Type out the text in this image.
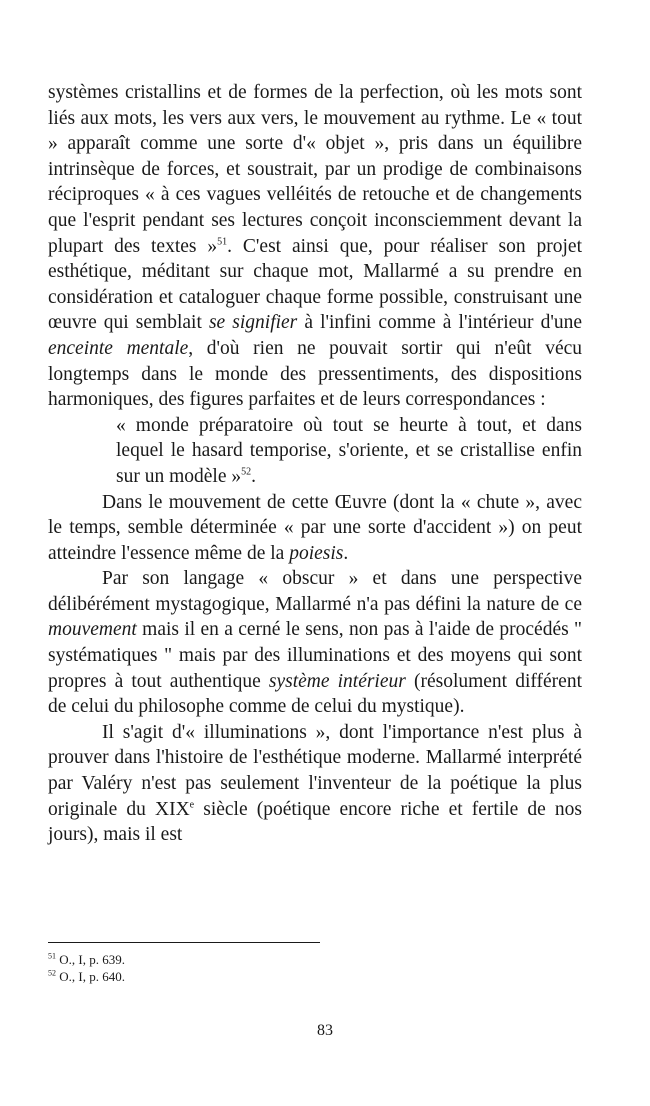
systèmes cristallins et de formes de la perfection, où les mots sont liés aux mots, les vers aux vers, le mouvement au rythme. Le « tout » apparaît comme une sorte d'« objet », pris dans un équilibre intrinsèque de forces, et soustrait, par un prodige de combinaisons réciproques « à ces vagues velléités de retouche et de changements que l'esprit pendant ses lectures conçoit inconsciemment devant la plupart des textes »$^{51}$. C'est ainsi que, pour réaliser son projet esthétique, méditant sur chaque mot, Mallarmé a su prendre en considération et cataloguer chaque forme possible, construisant une œuvre qui semblait se signifier à l'infini comme à l'intérieur d'une enceinte mentale, d'où rien ne pouvait sortir qui n'eût vécu longtemps dans le monde des pressentiments, des dispositions harmoniques, des figures parfaites et de leurs correspondances :

« monde préparatoire où tout se heurte à tout, et dans lequel le hasard temporise, s'oriente, et se cristallise enfin sur un modèle »$^{52}$.

Dans le mouvement de cette Œuvre (dont la « chute », avec le temps, semble déterminée « par une sorte d'accident ») on peut atteindre l'essence même de la poiesis.

Par son langage « obscur » et dans une perspective délibérément mystagogique, Mallarmé n'a pas défini la nature de ce mouvement mais il en a cerné le sens, non pas à l'aide de procédés " systématiques " mais par des illuminations et des moyens qui sont propres à tout authentique système intérieur (résolument différent de celui du philosophe comme de celui du mystique).

Il s'agit d'« illuminations », dont l'importance n'est plus à prouver dans l'histoire de l'esthétique moderne. Mallarmé interprété par Valéry n'est pas seulement l'inventeur de la poétique la plus originale du XIXe siècle (poétique encore riche et fertile de nos jours), mais il est

$^{51}$ O., I, p. 639.
$^{52}$ O., I, p. 640.
83
